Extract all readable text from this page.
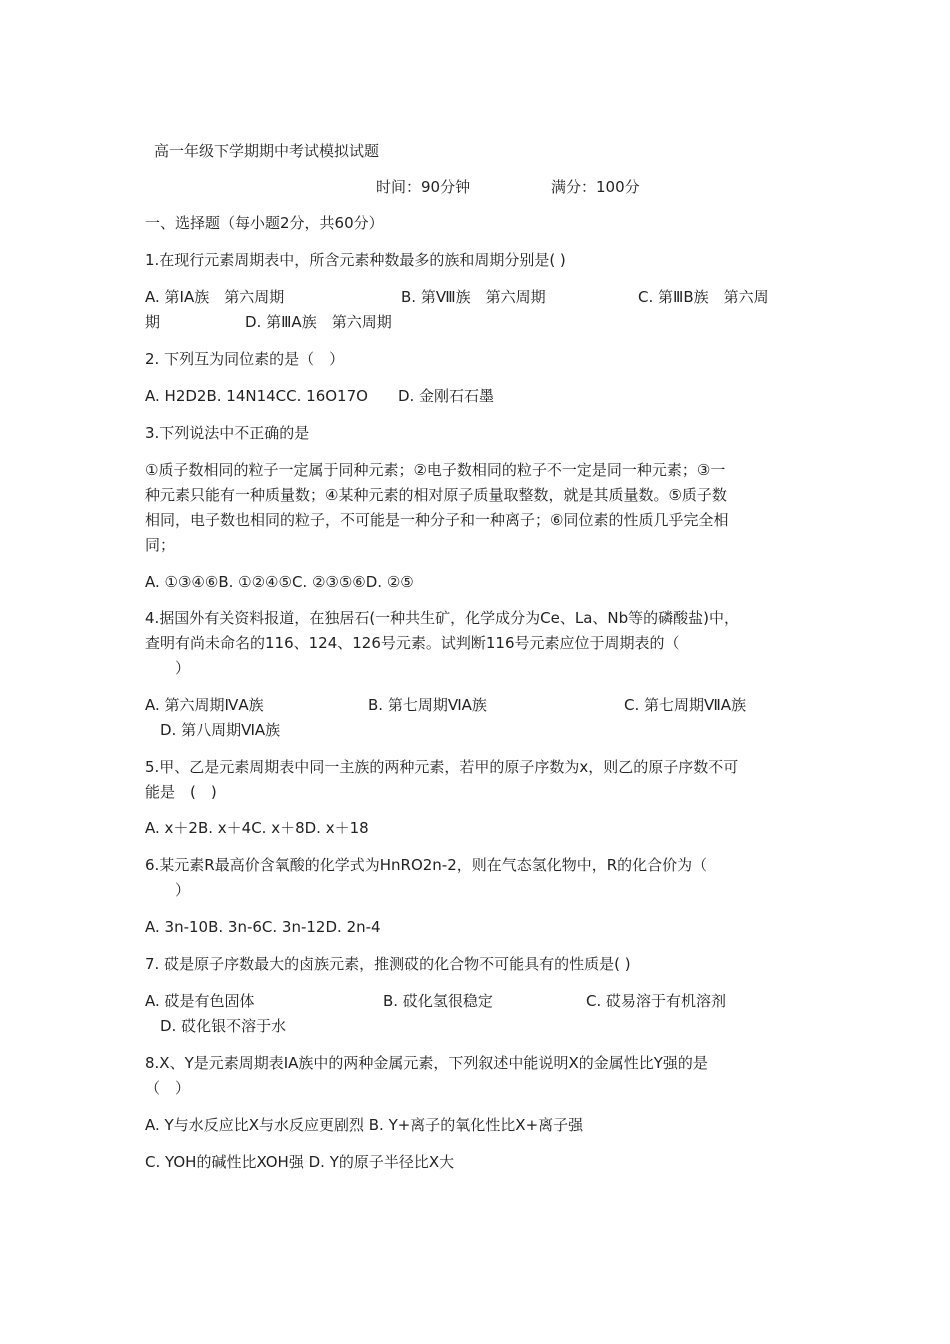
高一年级下学期期中考试模拟试题
时间：90分钟	满分：100分
一、选择题（每小题2分，共60分）
1.在现行元素周期表中，所含元素种数最多的族和周期分别是( )
A. 第ⅠA族　第六周期	B. 第Ⅷ族　第六周期	C. 第ⅢB族　第六周
期	D. 第ⅢA族　第六周期
2. 下列互为同位素的是（　）
A. H2D2B. 14N14CC. 16O17O　　D. 金刚石石墨
3.下列说法中不正确的是
①质子数相同的粒子一定属于同种元素；②电子数相同的粒子不一定是同一种元素；③一
种元素只能有一种质量数；④某种元素的相对原子质量取整数，就是其质量数。⑤质子数
相同，电子数也相同的粒子，不可能是一种分子和一种离子；⑥同位素的性质几乎完全相
同；
A. ①③④⑥B. ①②④⑤C. ②③⑤⑥D. ②⑤
4.据国外有关资料报道，在独居石(一种共生矿，化学成分为Ce、La、Nb等的磷酸盐)中，
查明有尚未命名的116、124、126号元素。试判断116号元素应位于周期表的（
）
A. 第六周期ⅣA族	B. 第七周期ⅥA族	C. 第七周期ⅦA族
D. 第八周期ⅥA族
5.甲、乙是元素周期表中同一主族的两种元素，若甲的原子序数为x，则乙的原子序数不可
能是　(　)
A. x＋2B. x＋4C. x＋8D. x＋18
6.某元素R最高价含氧酸的化学式为HnRO2n-2，则在气态氢化物中，R的化合价为（
）
A. 3n-10B. 3n-6C. 3n-12D. 2n-4
7. 砹是原子序数最大的卤族元素，推测砹的化合物不可能具有的性质是( )
A. 砹是有色固体	B. 砹化氢很稳定	C. 砹易溶于有机溶剂
D. 砹化银不溶于水
8.X、Y是元素周期表ⅠA族中的两种金属元素，下列叙述中能说明X的金属性比Y强的是
（　）
A. Y与水反应比X与水反应更剧烈 B. Y+离子的氧化性比X+离子强
C. YOH的碱性比XOH强 D. Y的原子半径比X大
